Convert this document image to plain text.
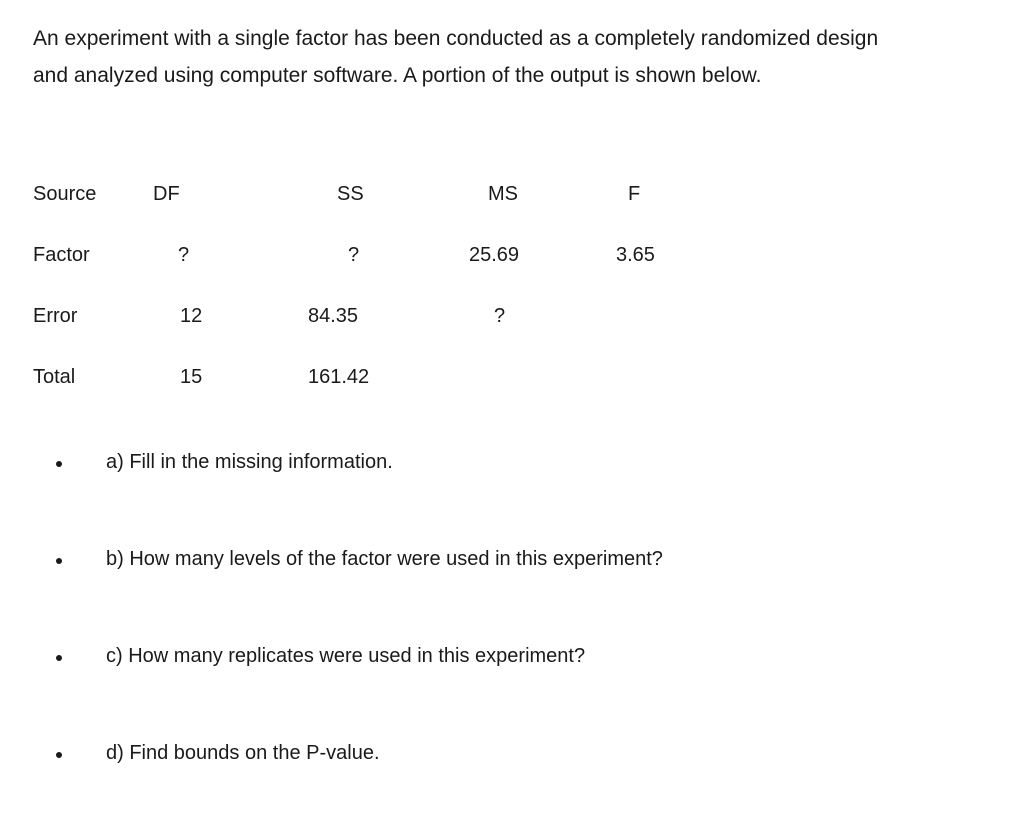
An experiment with a single factor has been conducted as a completely randomized design
and analyzed using computer software. A portion of the output is shown below.

Source	DF	SS	MS	F
Factor	?	?	25.69	3.65
Error	12	84.35	?
Total	15	161.42
a) Fill in the missing information.
b) How many levels of the factor were used in this experiment?
c) How many replicates were used in this experiment?
d) Find bounds on the P-value.
